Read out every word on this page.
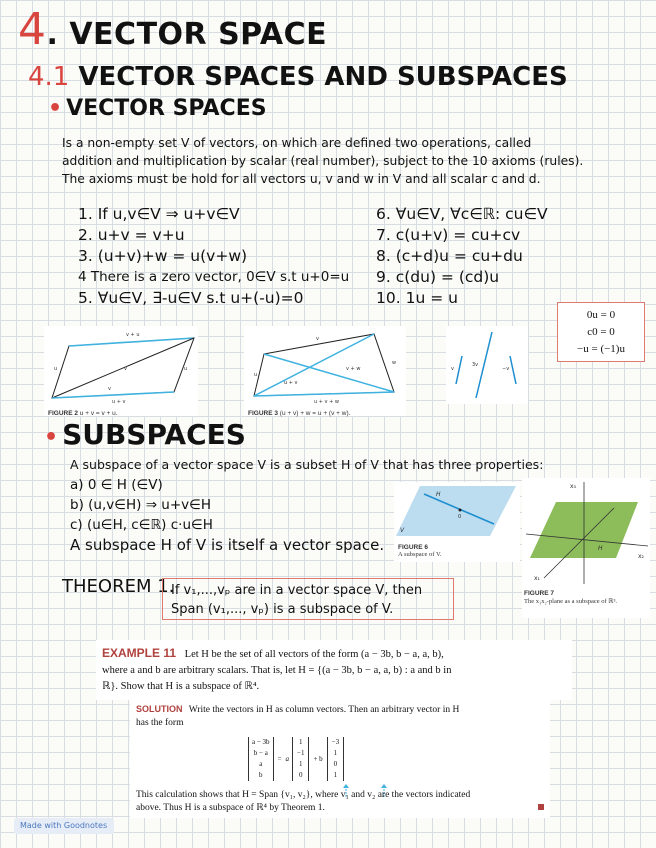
4. VECTOR SPACE
4.1 VECTOR SPACES AND SUBSPACES
• VECTOR SPACES
Is a non-empty set V of vectors, on which are defined two operations, called
addition and multiplication by scalar (real number), subject to the 10 axioms (rules).
The axioms must be hold for all vectors u, v and w in V and all scalar c and d.
1. If u,v∈V ⇒ u+v∈V
2. u+v = v+u
3. (u+v)+w = u(v+w)
4 There is a zero vector, 0∈V s.t u+0=u
5. ∀u∈V, ∃-u∈V s.t u+(-u)=0
6. ∀u∈V, ∀c∈ℝ: cu∈V
7. c(u+v) = cu+cv
8. (c+d)u = cu+du
9. c(du) = (cd)u
10. 1u = u
0u = 0
c0 = 0
−u = (−1)u
v + u
u	v
u + v
u
v
FIGURE 2 u + v = v + u.
v
u
u + v
v + w
w
u + v + w
FIGURE 3 (u + v) + w = u + (v + w).
v
3v
−v
• SUBSPACES
A subspace of a vector space V is a subset H of V that has three properties:
a) 0 ∈ H (∈V)
b) (u,v∈H) ⇒ u+v∈H
c) (u∈H, c∈ℝ) c·u∈H
A subspace H of V is itself a vector space.
H
0
V
FIGURE 6
A subspace of V.
x₃
H
x₂
x₁
FIGURE 7
The x₁x₂-plane as a subspace of ℝ³.
THEOREM 1.
If v₁,...,vₚ are in a vector space V, then
Span (v₁,..., vₚ) is a subspace of V.
EXAMPLE 11 Let H be the set of all vectors of the form (a − 3b, b − a, a, b),
where a and b are arbitrary scalars. That is, let H = {(a − 3b, b − a, a, b) : a and b in
ℝ}. Show that H is a subspace of ℝ⁴.
SOLUTION Write the vectors in H as column vectors. Then an arbitrary vector in H
has the form
a − 3b
b − a
a
b
= a
1
−1
1
0
+ b
−3
1
0
1
This calculation shows that H = Span {v₁, v₂}, where v₁ and v₂ are the vectors indicated
above. Thus H is a subspace of ℝ⁴ by Theorem 1.
Made with Goodnotes
